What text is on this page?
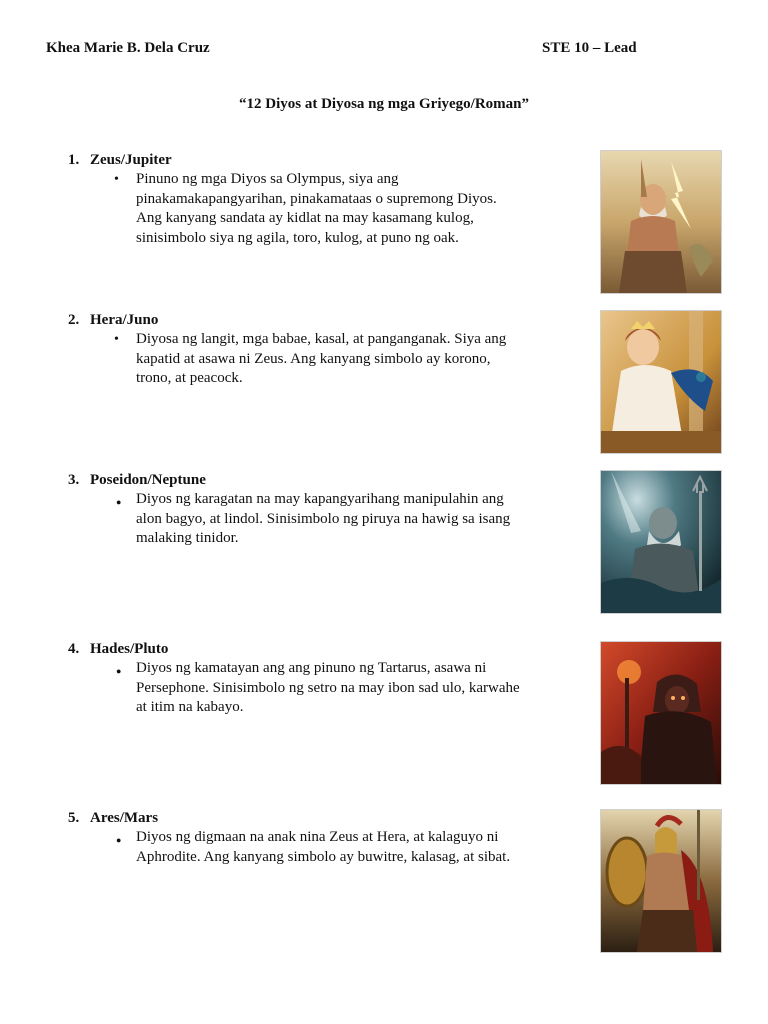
Khea Marie B. Dela Cruz	STE 10 – Lead
“12 Diyos at Diyosa ng mga Griyego/Roman”
1. Zeus/Jupiter
• Pinuno ng mga Diyos sa Olympus, siya ang
pinakamakapangyarihan, pinakamataas o supremong Diyos.
Ang kanyang sandata ay kidlat na may kasamang kulog,
sinisimbolo siya ng agila, toro, kulog, at puno ng oak.
2. Hera/Juno
• Diyosa ng langit, mga babae, kasal, at panganganak. Siya ang
kapatid at asawa ni Zeus. Ang kanyang simbolo ay korono,
trono, at peacock.
3. Poseidon/Neptune
● Diyos ng karagatan na may kapangyarihang manipulahin ang
alon bagyo, at lindol. Sinisimbolo ng piruya na hawig sa isang
malaking tinidor.
4. Hades/Pluto
● Diyos ng kamatayan ang ang pinuno ng Tartarus, asawa ni
Persephone. Sinisimbolo ng setro na may ibon sad ulo, karwahe
at itim na kabayo.
5. Ares/Mars
● Diyos ng digmaan na anak nina Zeus at Hera, at kalaguyo ni
Aphrodite. Ang kanyang simbolo ay buwitre, kalasag, at sibat.
